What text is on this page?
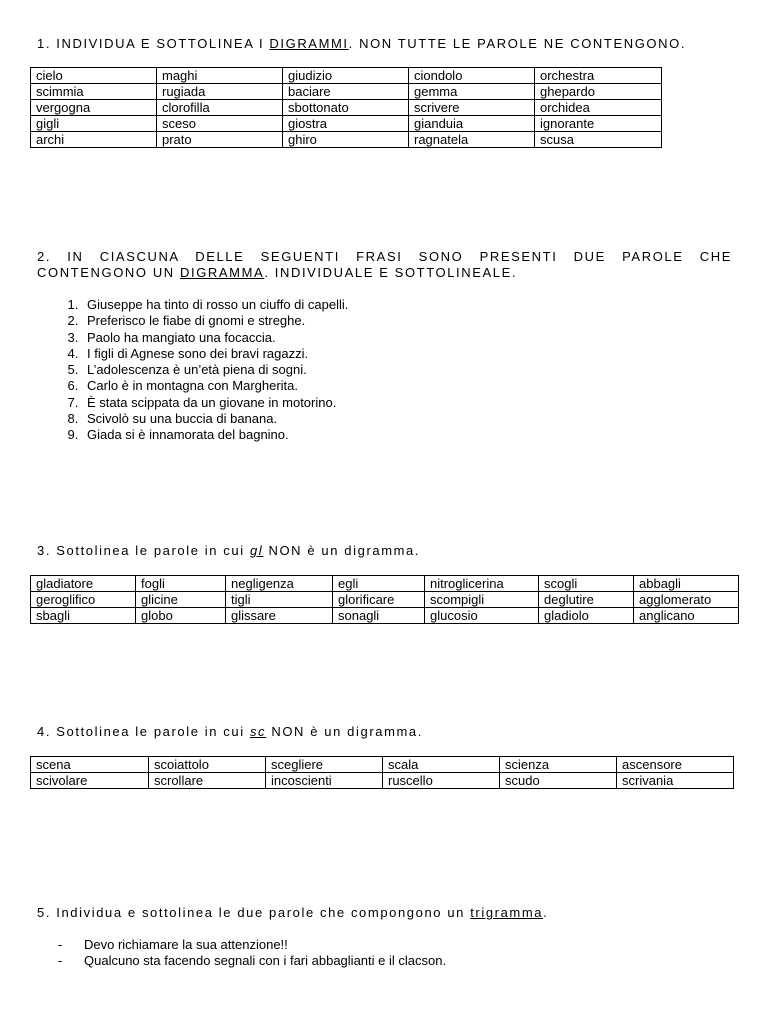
1. INDIVIDUA E SOTTOLINEA I DIGRAMMI. NON TUTTE LE PAROLE NE CONTENGONO.
cielo	maghi	giudizio	ciondolo	orchestra
scimmia	rugiada	baciare	gemma	ghepardo
vergogna	clorofilla	sbottonato	scrivere	orchidea
gigli	sceso	giostra	gianduia	ignorante
archi	prato	ghiro	ragnatela	scusa
2. IN CIASCUNA DELLE SEGUENTI FRASI SONO PRESENTI DUE PAROLE CHE CONTENGONO UN DIGRAMMA. INDIVIDUALE E SOTTOLINEALE.
1. Giuseppe ha tinto di rosso un ciuffo di capelli.
2. Preferisco le fiabe di gnomi e streghe.
3. Paolo ha mangiato una focaccia.
4. I figli di Agnese sono dei bravi ragazzi.
5. L’adolescenza è un’età piena di sogni.
6. Carlo è in montagna con Margherita.
7. È stata scippata da un giovane in motorino.
8. Scivolò su una buccia di banana.
9. Giada si è innamorata del bagnino.
3. Sottolinea le parole in cui gl NON è un digramma.
gladiatore	fogli	negligenza	egli	nitroglicerina	scogli	abbagli
geroglifico	glicine	tigli	glorificare	scompigli	deglutire	agglomerato
sbagli	globo	glissare	sonagli	glucosio	gladiolo	anglicano
4. Sottolinea le parole in cui sc NON è un digramma.
scena	scoiattolo	scegliere	scala	scienza	ascensore
scivolare	scrollare	incoscienti	ruscello	scudo	scrivania
5. Individua e sottolinea le due parole che compongono un trigramma.
- Devo richiamare la sua attenzione!!
- Qualcuno sta facendo segnali con i fari abbaglianti e il clacson.
